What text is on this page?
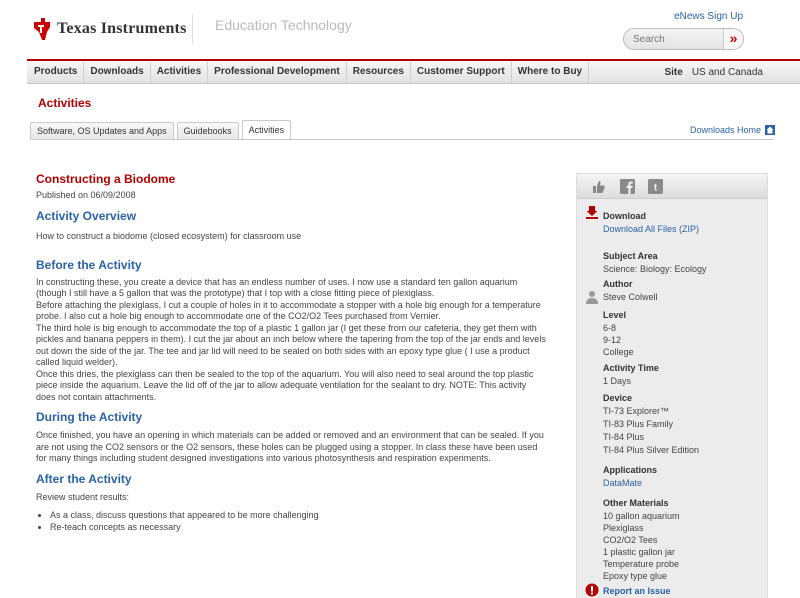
Texas Instruments Education Technology
eNews Sign Up
Search
»
Products	Downloads	Activities	Professional Development	Resources	Customer Support	Where to Buy	Site US and Canada
Activities
Software, OS Updates and Apps	Guidebooks	Activities	Downloads Home
Constructing a Biodome
Published on 06/09/2008
Activity Overview
How to construct a biodome (closed ecosystem) for classroom use
Before the Activity
In constructing these, you create a device that has an endless number of uses. I now use a standard ten gallon aquarium (though I still have a 5 gallon that was the prototype) that I top with a close fitting piece of plexiglass.
Before attaching the plexiglass, I cut a couple of holes in it to accommodate a stopper with a hole big enough for a temperature probe. I also cut a hole big enough to accommodate one of the CO2/O2 Tees purchased from Vernier.
The third hole is big enough to accommodate the top of a plastic 1 gallon jar (I get these from our cafeteria, they get them with pickles and banana peppers in them). I cut the jar about an inch below where the tapering from the top of the jar ends and levels out down the side of the jar. The tee and jar lid will need to be sealed on both sides with an epoxy type glue ( I use a product called liquid welder).
Once this dries, the plexiglass can then be sealed to the top of the aquarium. You will also need to seal around the top plastic piece inside the aquarium. Leave the lid off of the jar to allow adequate ventilation for the sealant to dry. NOTE: This activity does not contain attachments.
During the Activity
Once finished, you have an opening in which materials can be added or removed and an environment that can be sealed. If you are not using the CO2 sensors or the O2 sensors, these holes can be plugged using a stopper. In class these have been used for many things including student designed investigations into various photosynthesis and respiration experiments.
After the Activity
Review student results:
• As a class, discuss questions that appeared to be more challenging
• Re-teach concepts as necessary
t
Download
Download All Files (ZIP)
Subject Area
Science: Biology: Ecology
Author
Steve Colwell
Level
6-8
9-12
College
Activity Time
1 Days
Device
TI-73 Explorer™
TI-83 Plus Family
TI-84 Plus
TI-84 Plus Silver Edition
Applications
DataMate
Other Materials
10 gallon aquarium
Plexiglass
CO2/O2 Tees
1 plastic gallon jar
Temperature probe
Epoxy type glue
Report an Issue
